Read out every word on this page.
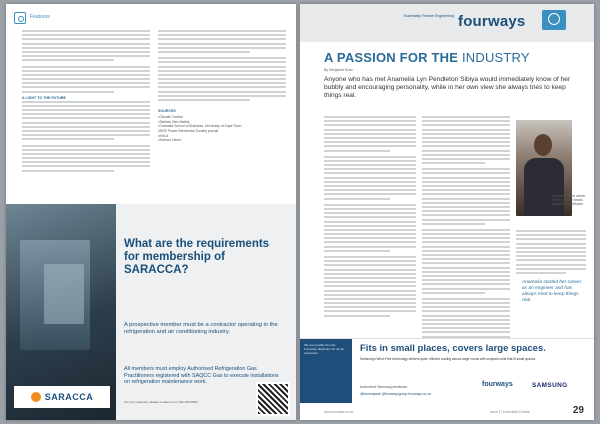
Features
A LIGHT TO THE FUTURE
SOURCES
• Climate Central
• Statista, Ben Mathis
• Graduate School of Business, University of Cape Town
• IEEE Power Electronics Society journal
• eNCA
• Science Direct
SARACCA
What are the requirements for membership of SARACCA?

A prospective member must be a contractor operating in the refrigeration and air conditioning industry.

All members must employ Authorised Refrigeration Gas Practitioners registered with SAQCC Gas to execute installations on refrigeration maintenance work.

For any enquiries, please contact us on 011 025 5893

Essentially Female Engineering fourways
A PASSION FOR THE INDUSTRY
By Benjamin Boto

Anyone who has met Anamelia Lyn Pendleton Sibiya would immediately know of her bubbly and encouraging personality, while in her own view she always tries to keep things real.

Anamelia is the owner of the premier brand appointed distributor.

Anamelia started her career as an engineer and has always tried to keep things real.

We are proudly the only Fourways distributor for all our customers.	Fits in small places, covers large spaces.

Samsung's Wind-Free technology delivers quiet, efficient cooling across large rooms with compact units that fit small spaces.

Authorised Samsung distributor
@fourwaysair @fourwaysgroup fourways.co.za
fourways	SAMSUNG
www.fourways.co.za	Issue 2 | Essentially Female	29
